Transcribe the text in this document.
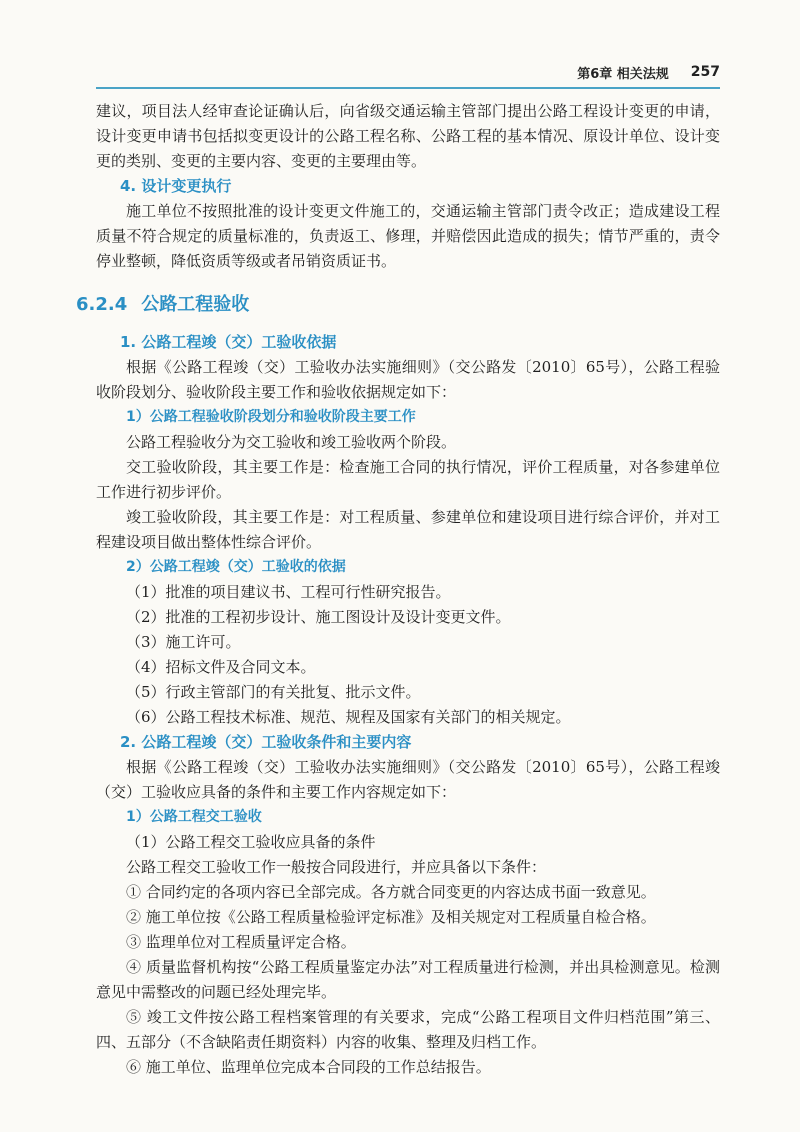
第6章 相关法规 257

建议，项目法人经审查论证确认后，向省级交通运输主管部门提出公路工程设计变更的申请，设计变更申请书包括拟变更设计的公路工程名称、公路工程的基本情况、原设计单位、设计变更的类别、变更的主要内容、变更的主要理由等。

4. 设计变更执行

施工单位不按照批准的设计变更文件施工的，交通运输主管部门责令改正；造成建设工程质量不符合规定的质量标准的，负责返工、修理，并赔偿因此造成的损失；情节严重的，责令停业整顿，降低资质等级或者吊销资质证书。

6.2.4 公路工程验收
1. 公路工程竣（交）工验收依据

根据《公路工程竣（交）工验收办法实施细则》（交公路发〔2010〕65号），公路工程验收阶段划分、验收阶段主要工作和验收依据规定如下：

1）公路工程验收阶段划分和验收阶段主要工作

公路工程验收分为交工验收和竣工验收两个阶段。

交工验收阶段，其主要工作是：检查施工合同的执行情况，评价工程质量，对各参建单位工作进行初步评价。

竣工验收阶段，其主要工作是：对工程质量、参建单位和建设项目进行综合评价，并对工程建设项目做出整体性综合评价。

2）公路工程竣（交）工验收的依据

（1）批准的项目建议书、工程可行性研究报告。

（2）批准的工程初步设计、施工图设计及设计变更文件。

（3）施工许可。

（4）招标文件及合同文本。

（5）行政主管部门的有关批复、批示文件。

（6）公路工程技术标准、规范、规程及国家有关部门的相关规定。

2. 公路工程竣（交）工验收条件和主要内容

根据《公路工程竣（交）工验收办法实施细则》（交公路发〔2010〕65号），公路工程竣（交）工验收应具备的条件和主要工作内容规定如下：

1）公路工程交工验收

（1）公路工程交工验收应具备的条件

公路工程交工验收工作一般按合同段进行，并应具备以下条件：

① 合同约定的各项内容已全部完成。各方就合同变更的内容达成书面一致意见。

② 施工单位按《公路工程质量检验评定标准》及相关规定对工程质量自检合格。

③ 监理单位对工程质量评定合格。

④ 质量监督机构按“公路工程质量鉴定办法”对工程质量进行检测，并出具检测意见。检测意见中需整改的问题已经处理完毕。

⑤ 竣工文件按公路工程档案管理的有关要求，完成“公路工程项目文件归档范围”第三、四、五部分（不含缺陷责任期资料）内容的收集、整理及归档工作。

⑥ 施工单位、监理单位完成本合同段的工作总结报告。
